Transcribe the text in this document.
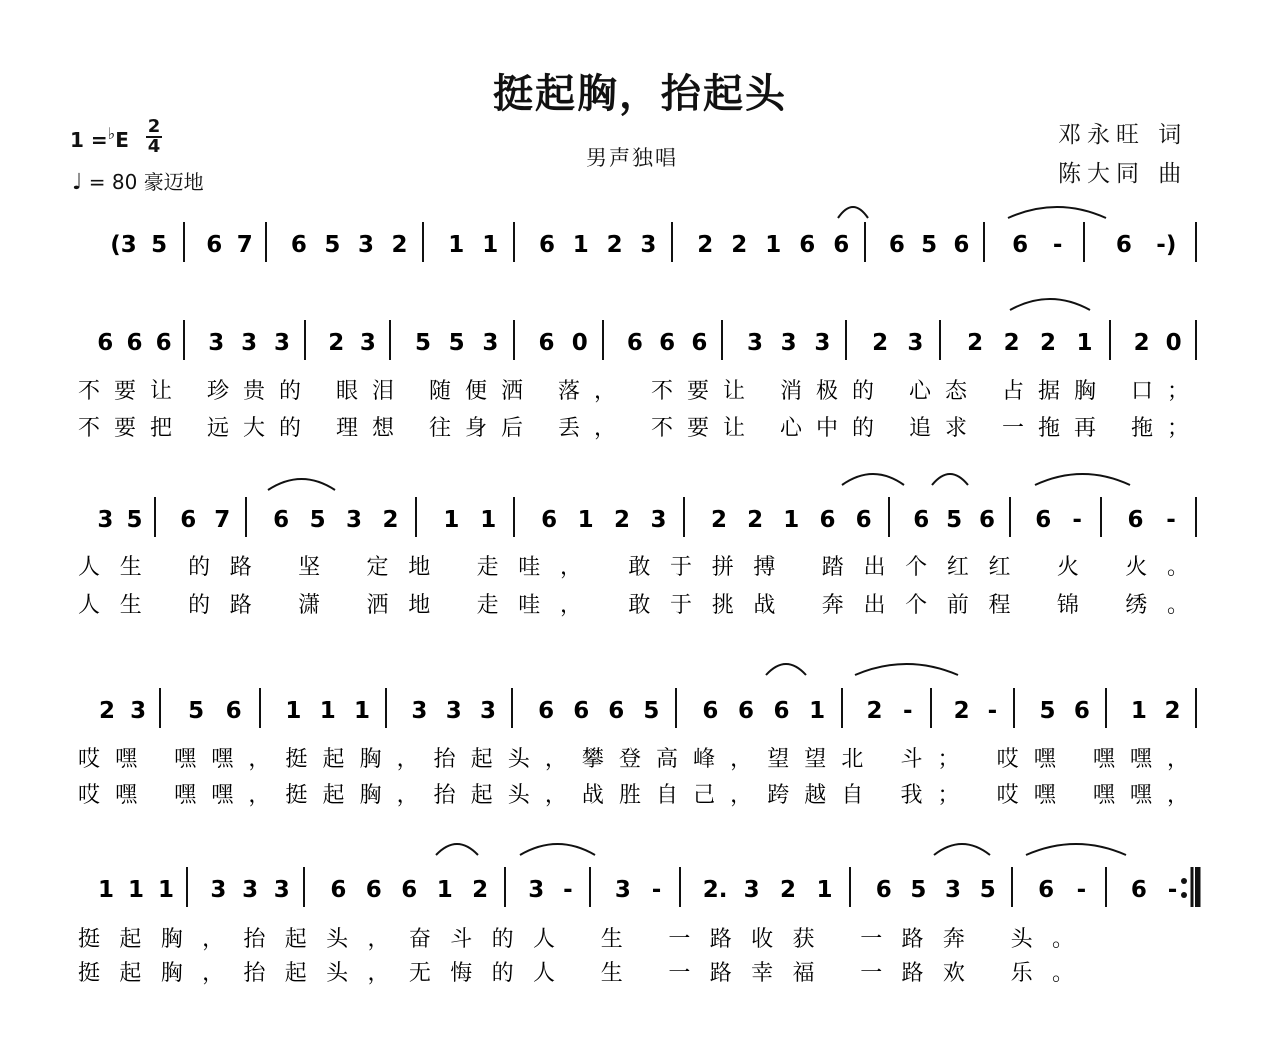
挺起胸，抬起头
1 =♭E
2
4
♩ = 80 豪迈地
男声独唱
邓永旺 词
陈大同 曲
(3 5 6 7 6 5 3 2 1 1 6 1 2 3 2 2 1 6 6 6 5 6 6 - 6 -)
6 6 6 3 3 3 2 3 5 5 3 6 0 6 6 6 3 3 3 2 3 2 2 2 1 2 0
不要让 珍贵的 眼泪 随便洒 落， 不要让 消极的 心态 占据胸 口；
不要把 远大的 理想 往身后 丢， 不要让 心中的 追求 一拖再 拖；
3 5 6 7 6 5 3 2 1 1 6 1 2 3 2 2 1 6 6 6 5 6 6 - 6 -
人生 的路 坚 定地 走哇， 敢于拼搏 踏出个红红 火 火。
人生 的路 潇 洒地 走哇， 敢于挑战 奔出个前程 锦 绣。
2 3 5 6 1 1 1 3 3 3 6 6 6 5 6 6 6 1 2 - 2 - 5 6 1 2
哎嘿 嘿嘿，挺起胸，抬起头，攀登高峰，望望北 斗； 哎嘿 嘿嘿，
哎嘿 嘿嘿，挺起胸，抬起头，战胜自己，跨越自 我； 哎嘿 嘿嘿，
1 1 1 3 3 3 6 6 6 1 2 3 - 3 - 2. 3 2 1 6 5 3 5 6 - 6 -
挺起胸，抬起头，奋斗的人 生 一路收获 一路奔 头。
挺起胸，抬起头，无悔的人 生 一路幸福 一路欢 乐。
